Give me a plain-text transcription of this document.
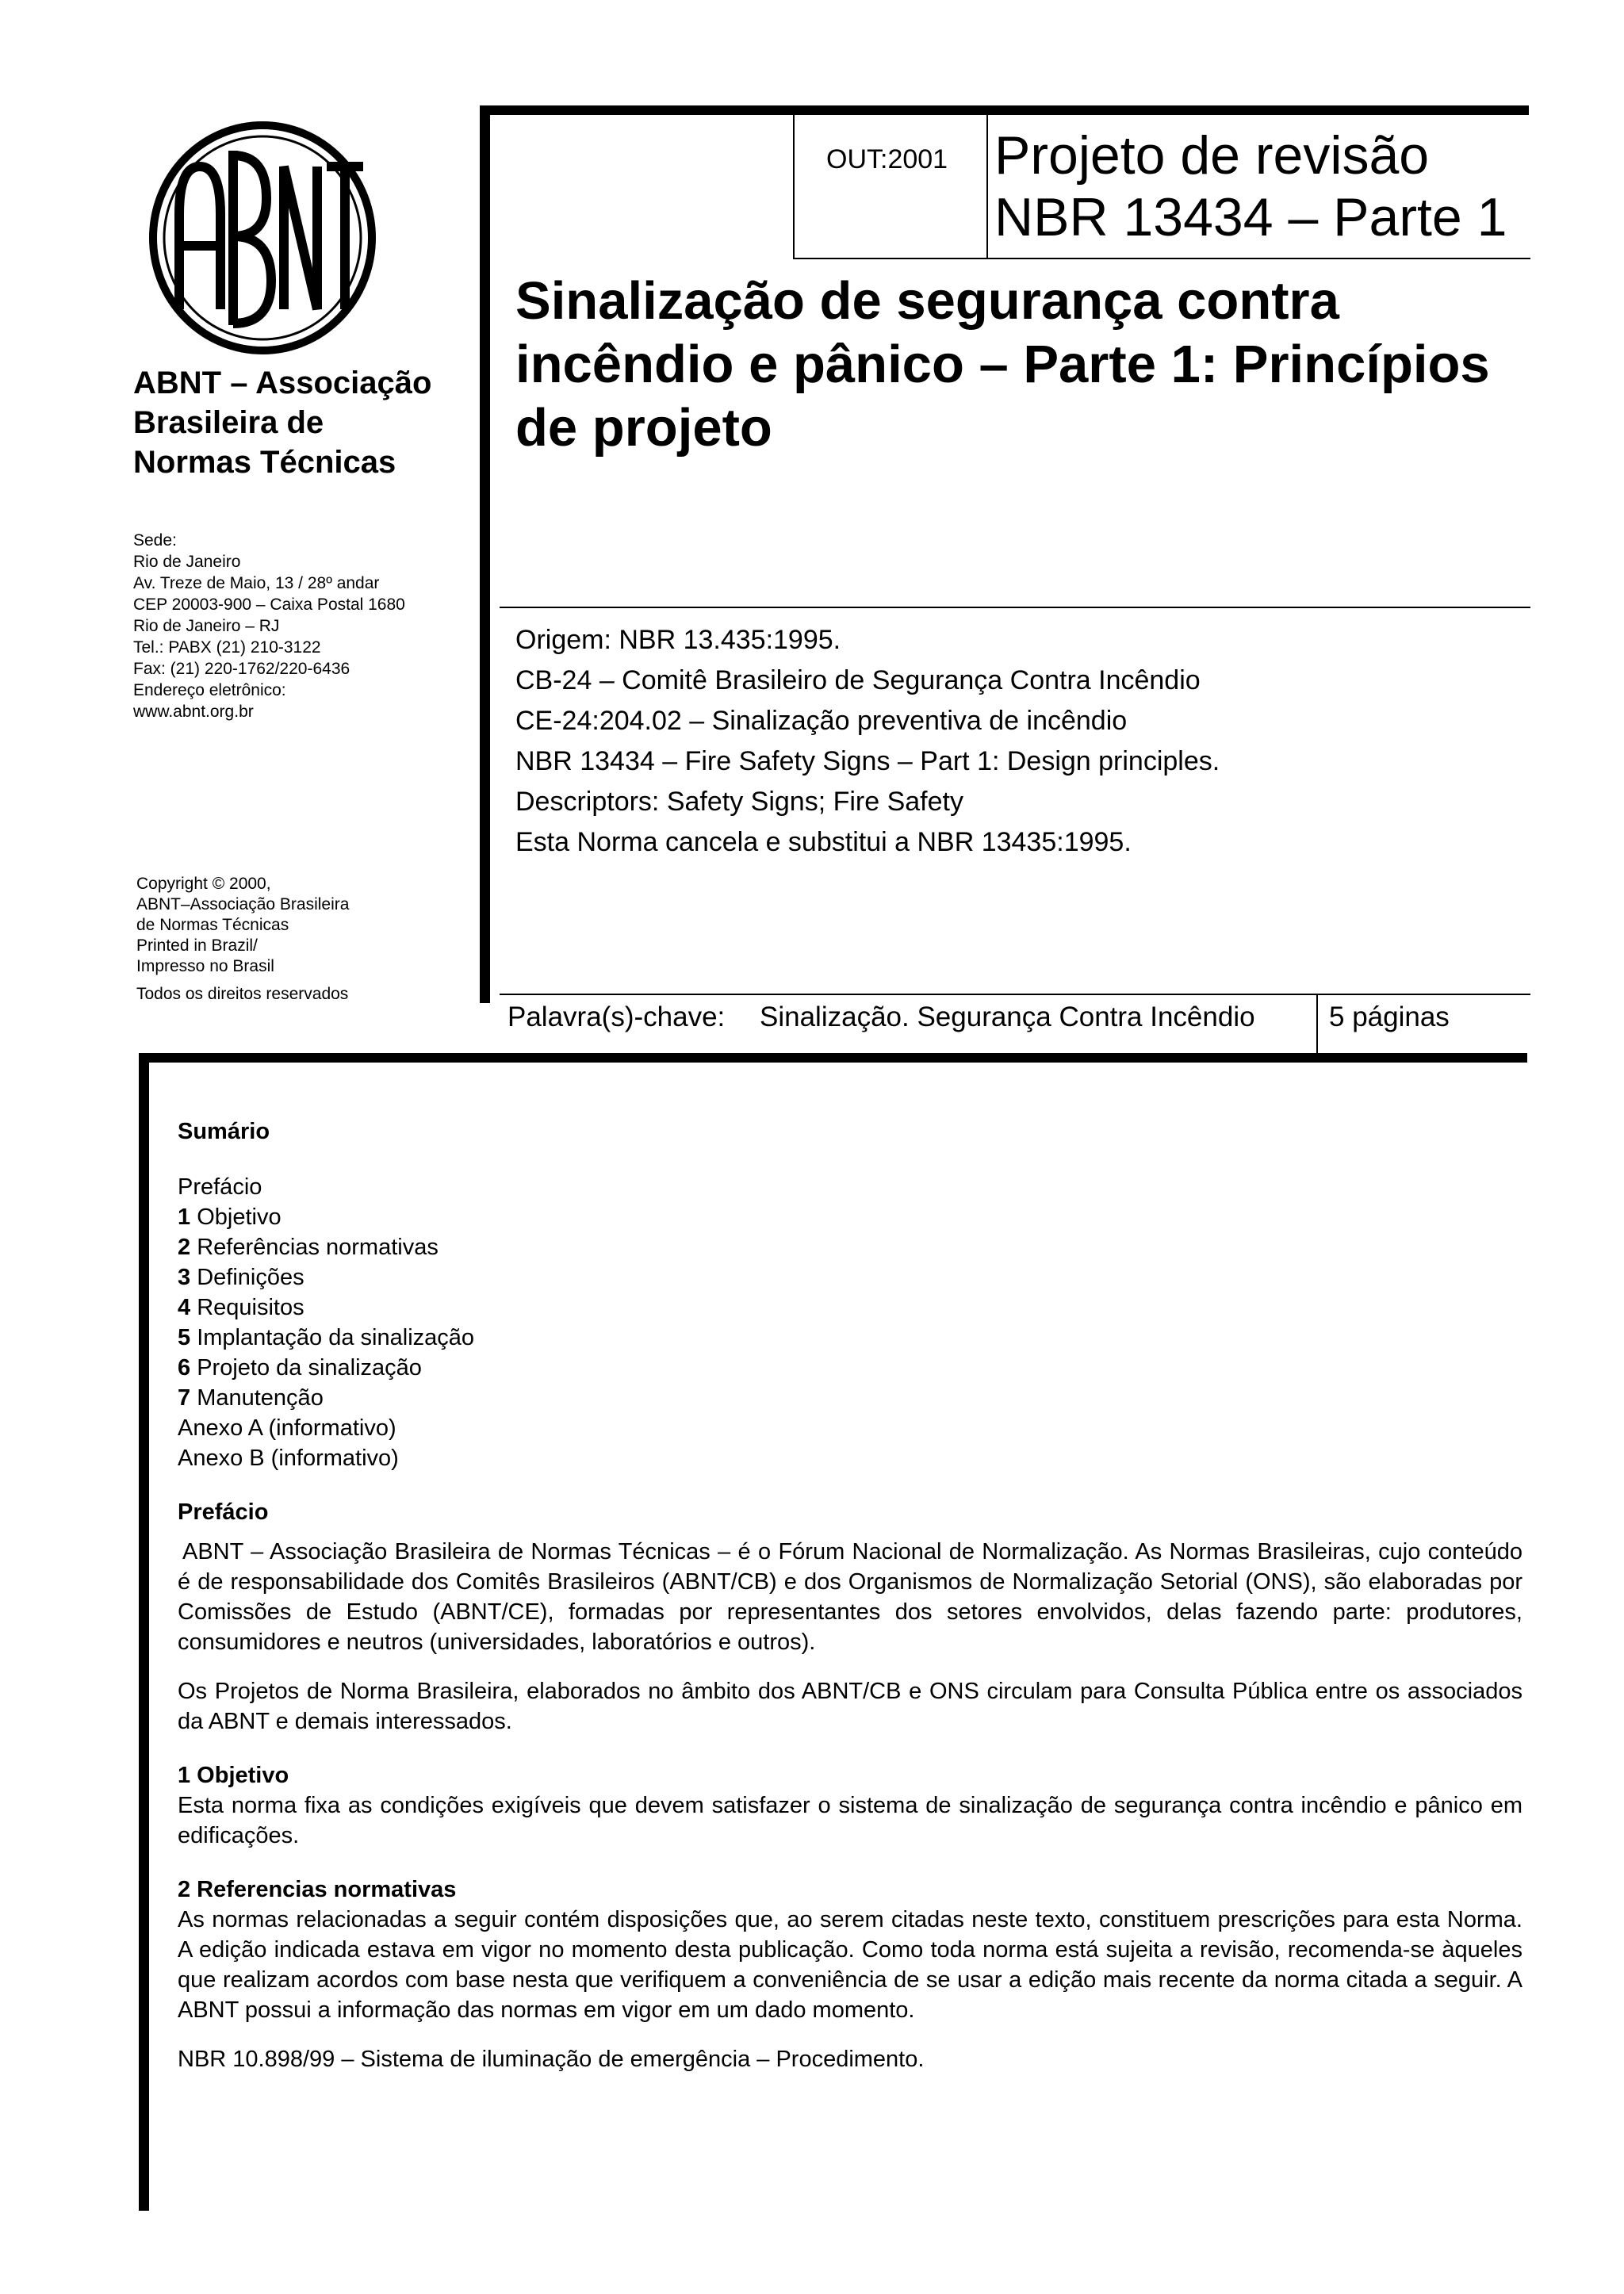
ABNT – Associação
Brasileira de
Normas Técnicas
Sede:
Rio de Janeiro
Av. Treze de Maio, 13 / 28º andar
CEP 20003-900 – Caixa Postal 1680
Rio de Janeiro – RJ
Tel.: PABX (21) 210-3122
Fax: (21) 220-1762/220-6436
Endereço eletrônico:
www.abnt.org.br
Copyright © 2000,
ABNT–Associação Brasileira
de Normas Técnicas
Printed in Brazil/
Impresso no Brasil
Todos os direitos reservados
OUT:2001 Projeto de revisão
NBR 13434 – Parte 1
Sinalização de segurança contra incêndio e pânico – Parte 1: Princípios de projeto
Origem: NBR 13.435:1995.
CB-24 – Comitê Brasileiro de Segurança Contra Incêndio
CE-24:204.02 – Sinalização preventiva de incêndio
NBR 13434 – Fire Safety Signs – Part 1: Design principles.
Descriptors: Safety Signs; Fire Safety
Esta Norma cancela e substitui a NBR 13435:1995.
Palavra(s)-chave: Sinalização. Segurança Contra Incêndio	5 páginas

Sumário

Prefácio

1 Objetivo

2 Referências normativas

3 Definições

4 Requisitos

5 Implantação da sinalização

6 Projeto da sinalização

7 Manutenção

Anexo A (informativo)

Anexo B (informativo)

Prefácio

ABNT – Associação Brasileira de Normas Técnicas – é o Fórum Nacional de Normalização. As Normas Brasileiras, cujo conteúdo é de responsabilidade dos Comitês Brasileiros (ABNT/CB) e dos Organismos de Normalização Setorial (ONS), são elaboradas por Comissões de Estudo (ABNT/CE), formadas por representantes dos setores envolvidos, delas fazendo parte: produtores, consumidores e neutros (universidades, laboratórios e outros).

Os Projetos de Norma Brasileira, elaborados no âmbito dos ABNT/CB e ONS circulam para Consulta Pública entre os associados da ABNT e demais interessados.

1 Objetivo

Esta norma fixa as condições exigíveis que devem satisfazer o sistema de sinalização de segurança contra incêndio e pânico em edificações.

2 Referencias normativas

As normas relacionadas a seguir contém disposições que, ao serem citadas neste texto, constituem prescrições para esta Norma. A edição indicada estava em vigor no momento desta publicação. Como toda norma está sujeita a revisão, recomenda-se àqueles que realizam acordos com base nesta que verifiquem a conveniência de se usar a edição mais recente da norma citada a seguir. A ABNT possui a informação das normas em vigor em um dado momento.

NBR 10.898/99 – Sistema de iluminação de emergência – Procedimento.
